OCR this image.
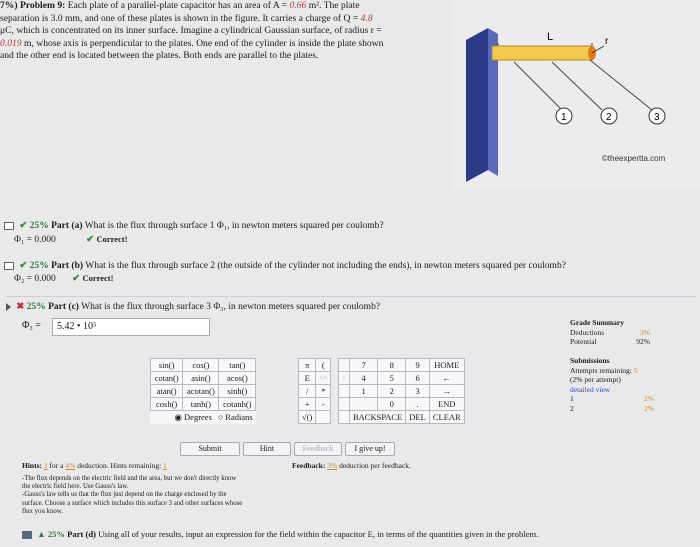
7%) Problem 9: Each plate of a parallel-plate capacitor has an area of A = 0.66 m². The plate
separation is 3.0 mm, and one of these plates is shown in the figure. It carries a charge of Q = 4.8
μC, which is concentrated on its inner surface. Imagine a cylindrical Gaussian surface, of radius r =
0.019 m, whose axis is perpendicular to the plates. One end of the cylinder is inside the plate shown
and the other end is located between the plates. Both ends are parallel to the plates.
L	r
1	2	3
©theexpertta.com
✔ 25% Part (a) What is the flux through surface 1 Φ₁, in newton meters squared per coulomb?
Φ₁ = 0.000	✔ Correct!
✔ 25% Part (b) What is the flux through surface 2 (the outside of the cylinder not including the ends), in newton meters squared per coulomb?
Φ₂ = 0.000 ✔ Correct!
✖ 25% Part (c) What is the flux through surface 3 Φ₃, in newton meters squared per coulomb?
Φ₃ =	5.42 • 10⁵
sin()	cos()	tan()
cotan()	asin()	acos()
atan()	acotan()	sinh()
cosh()	tanh()	cotanh()
◉ Degrees ○ Radians		
π	(
E	^^
/	*
+	-
√()	
	7	8	9	HOME
^	4	5	6	←
	1	2	3	→
		0	.	END
	BACKSPACE		DEL	CLEAR
Submit	Hint	Feedback	I give up!
Hints: 2 for a 4% deduction. Hints remaining: 1	Feedback: 3% deduction per feedback.
-The flux depends on the electric field and the area, but we don't directly know
the electric field here. Use Gauss's law.
-Gauss's law tells us that the flux just depend on the charge enclosed by the
surface. Choose a surface which includes this surface 3 and other surfaces whose
flux you know.
Grade Summary
Deductions	3%
Potential	92%
Submissions
Attempts remaining: 5
(2% per attempt)
detailed view
1	2%
2	2%
▲ 25% Part (d) Using all of your results, input an expression for the field within the capacitor E, in terms of the quantities given in the problem.
